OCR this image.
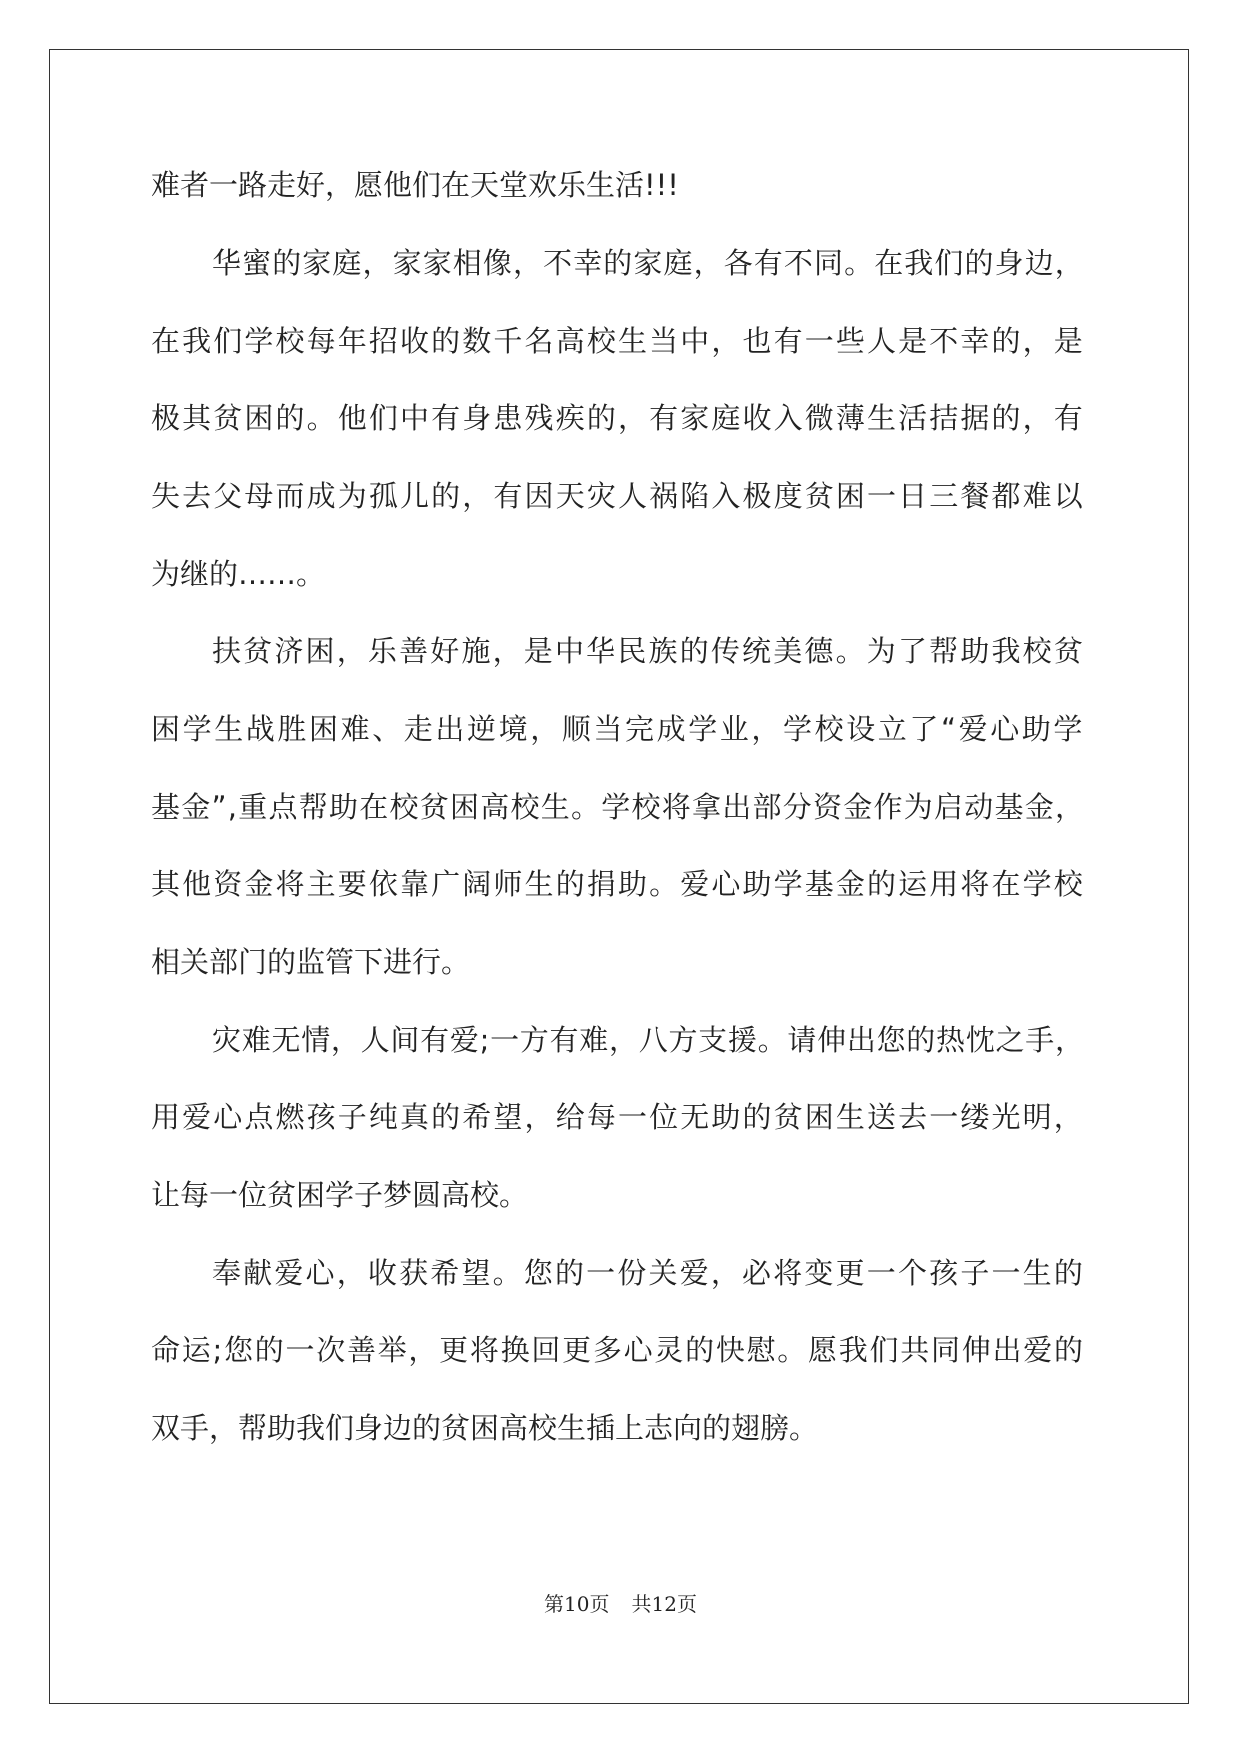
难者一路走好，愿他们在天堂欢乐生活!!!
华蜜的家庭，家家相像，不幸的家庭，各有不同。在我们的身边，
在我们学校每年招收的数千名高校生当中，也有一些人是不幸的，是
极其贫困的。他们中有身患残疾的，有家庭收入微薄生活拮据的，有
失去父母而成为孤儿的，有因天灾人祸陷入极度贫困一日三餐都难以
为继的……。
扶贫济困，乐善好施，是中华民族的传统美德。为了帮助我校贫
困学生战胜困难、走出逆境，顺当完成学业，学校设立了“爱心助学
基金”,重点帮助在校贫困高校生。学校将拿出部分资金作为启动基金，
其他资金将主要依靠广阔师生的捐助。爱心助学基金的运用将在学校
相关部门的监管下进行。
灾难无情，人间有爱;一方有难，八方支援。请伸出您的热忱之手，
用爱心点燃孩子纯真的希望，给每一位无助的贫困生送去一缕光明，
让每一位贫困学子梦圆高校。
奉献爱心，收获希望。您的一份关爱，必将变更一个孩子一生的
命运;您的一次善举，更将换回更多心灵的快慰。愿我们共同伸出爱的
双手，帮助我们身边的贫困高校生插上志向的翅膀。
第10页 共12页
